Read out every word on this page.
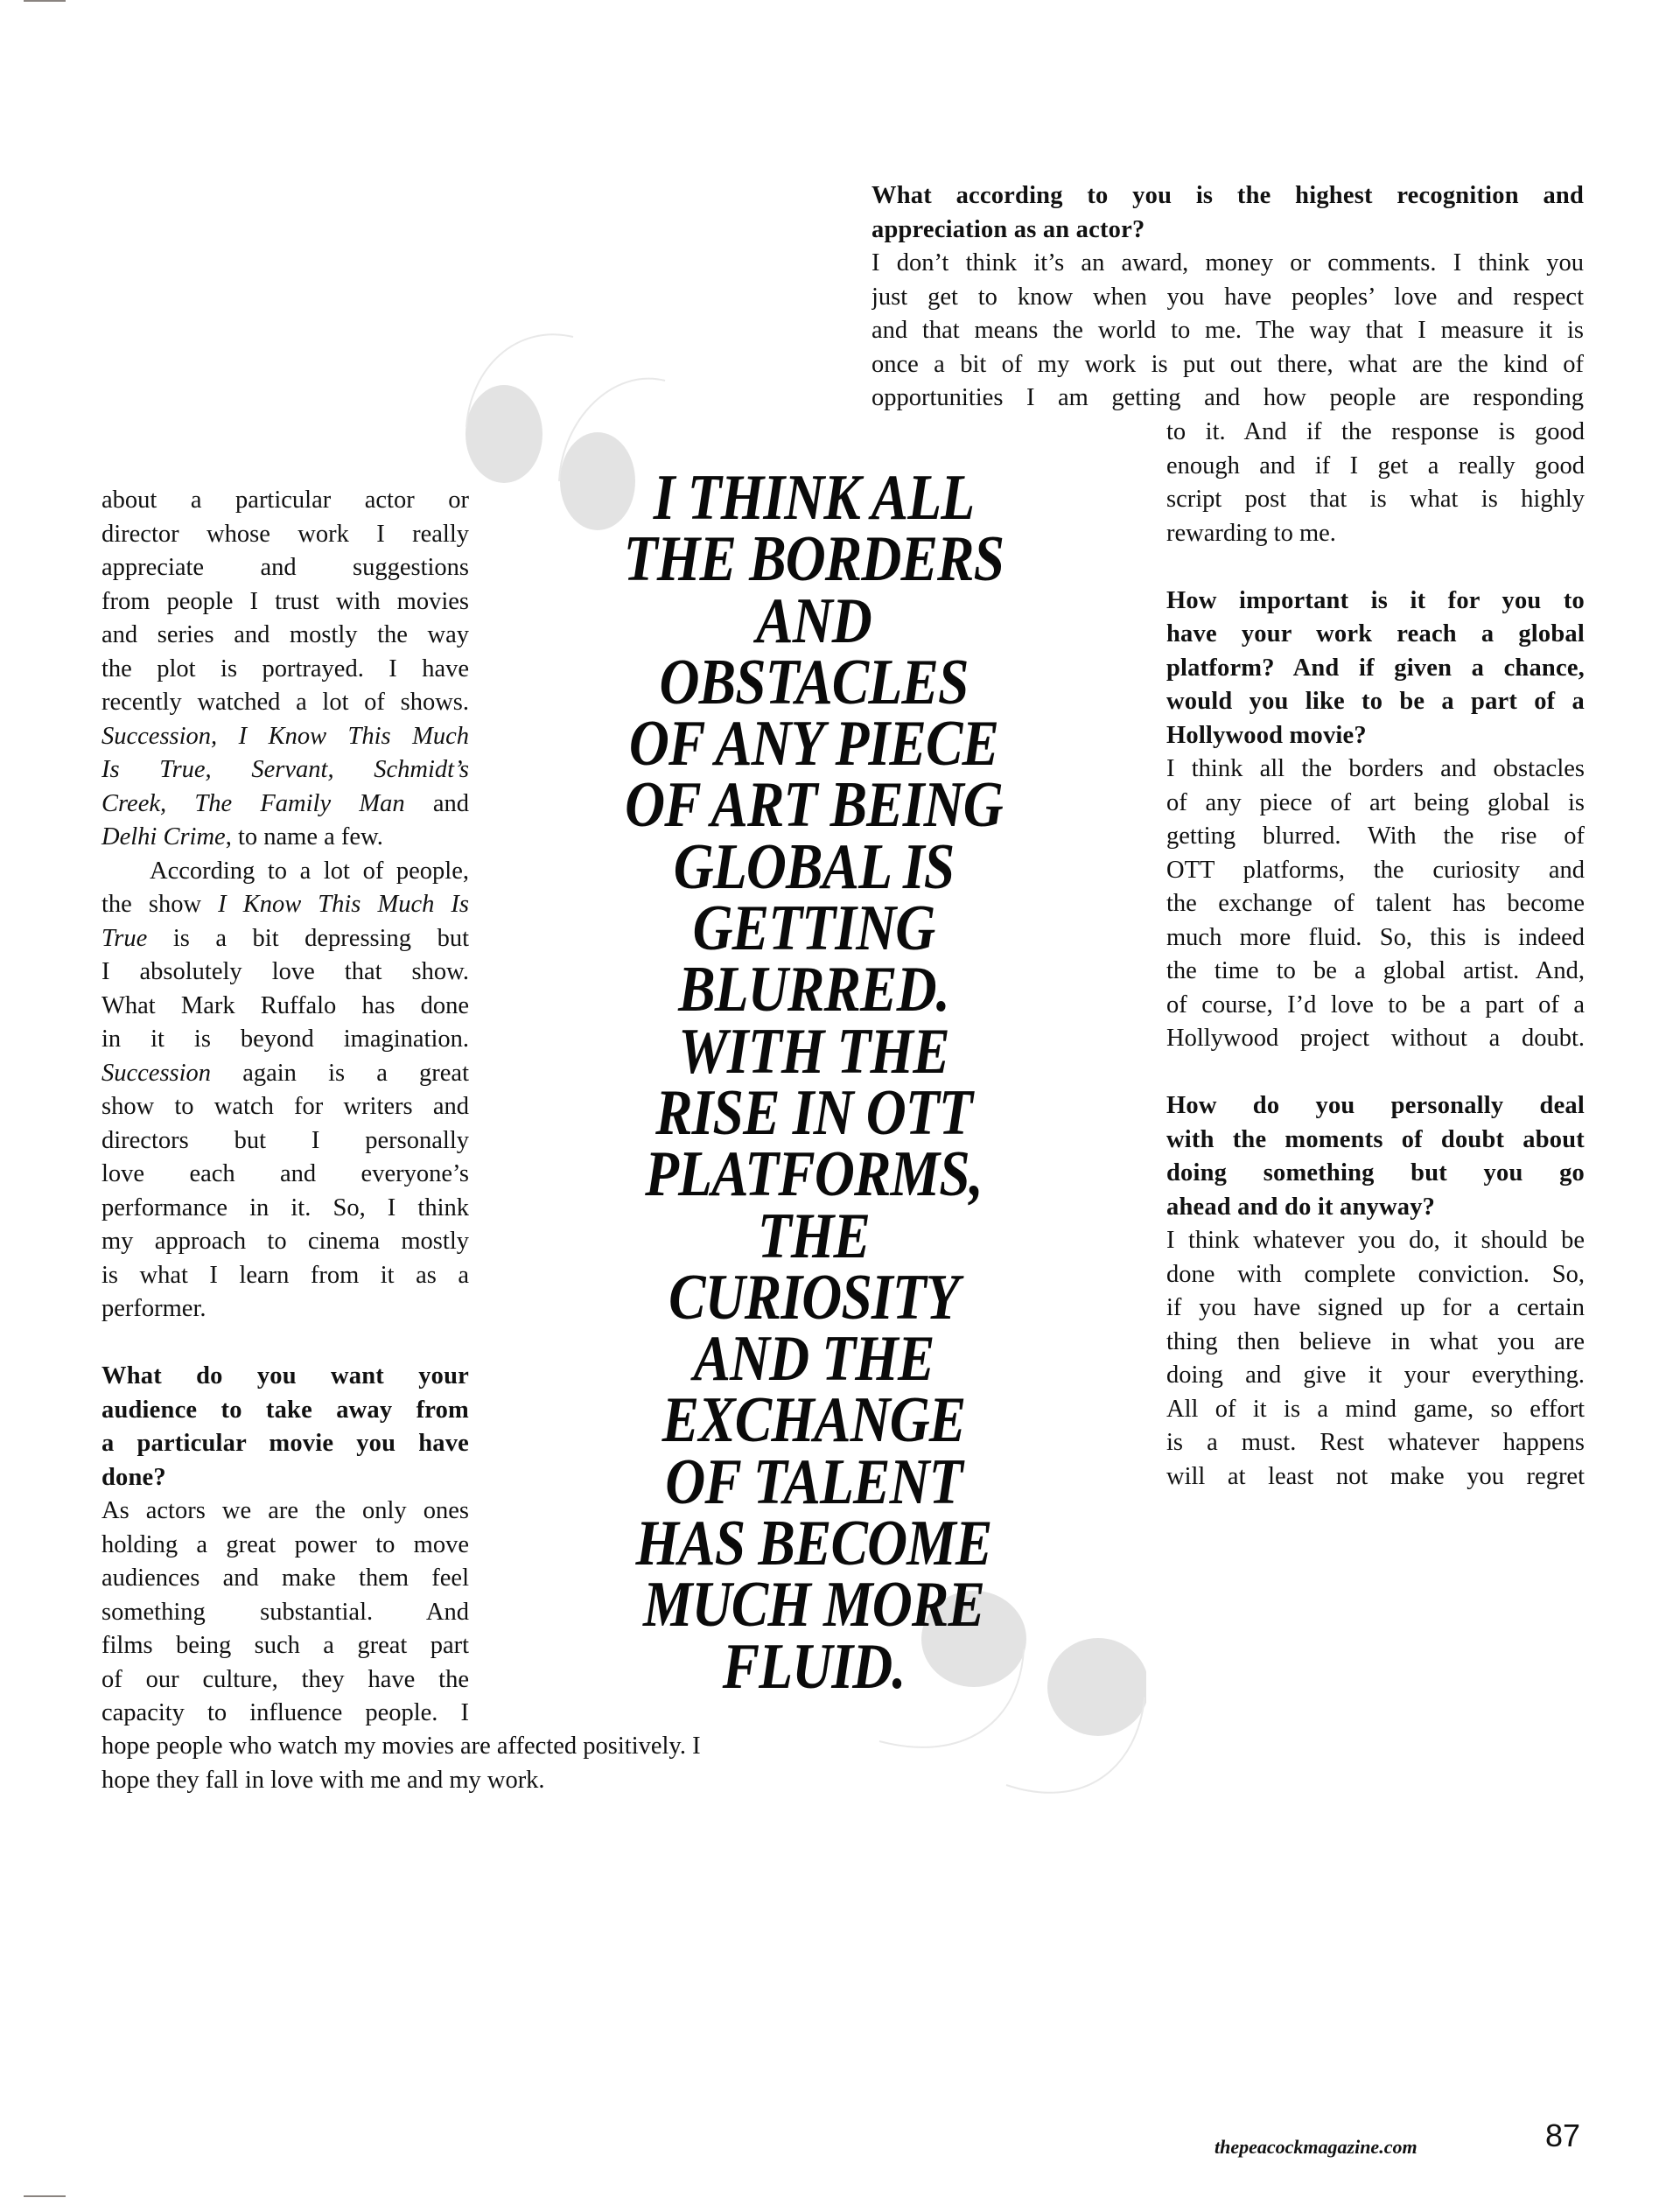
about a particular actor or
director whose work I really
appreciate and suggestions
from people I trust with movies
and series and mostly the way
the plot is portrayed. I have
recently watched a lot of shows.
Succession, I Know This Much
Is True, Servant, Schmidt’s
Creek, The Family Man and
Delhi Crime, to name a few.
According to a lot of people,
the show I Know This Much Is
True is a bit depressing but
I absolutely love that show.
What Mark Ruffalo has done
in it is beyond imagination.
Succession again is a great
show to watch for writers and
directors but I personally
love each and everyone’s
performance in it. So, I think
my approach to cinema mostly
is what I learn from it as a
performer.
What do you want your
audience to take away from
a particular movie you have
done?
As actors we are the only ones
holding a great power to move
audiences and make them feel
something substantial. And
films being such a great part
of our culture, they have the
capacity to influence people. I
hope people who watch my movies are affected positively. I
hope they fall in love with me and my work.
What according to you is the highest recognition and
appreciation as an actor?
I don’t think it’s an award, money or comments. I think you
just get to know when you have peoples’ love and respect
and that means the world to me. The way that I measure it is
once a bit of my work is put out there, what are the kind of
opportunities I am getting and how people are responding
to it. And if the response is good
enough and if I get a really good
script post that is what is highly
rewarding to me.
How important is it for you to
have your work reach a global
platform? And if given a chance,
would you like to be a part of a
Hollywood movie?
I think all the borders and obstacles
of any piece of art being global is
getting blurred. With the rise of
OTT platforms, the curiosity and
the exchange of talent has become
much more fluid. So, this is indeed
the time to be a global artist. And,
of course, I’d love to be a part of a
Hollywood project without a doubt.
How do you personally deal
with the moments of doubt about
doing something but you go
ahead and do it anyway?
I think whatever you do, it should be
done with complete conviction. So,
if you have signed up for a certain
thing then believe in what you are
doing and give it your everything.
All of it is a mind game, so effort
is a must. Rest whatever happens
will at least not make you regret
I THINK ALL
THE BORDERS
AND
OBSTACLES
OF ANY PIECE
OF ART BEING
GLOBAL IS
GETTING
BLURRED.
WITH THE
RISE IN OTT
PLATFORMS,
THE
CURIOSITY
AND THE
EXCHANGE
OF TALENT
HAS BECOME
MUCH MORE
FLUID.
thepeacockmagazine.com	87
